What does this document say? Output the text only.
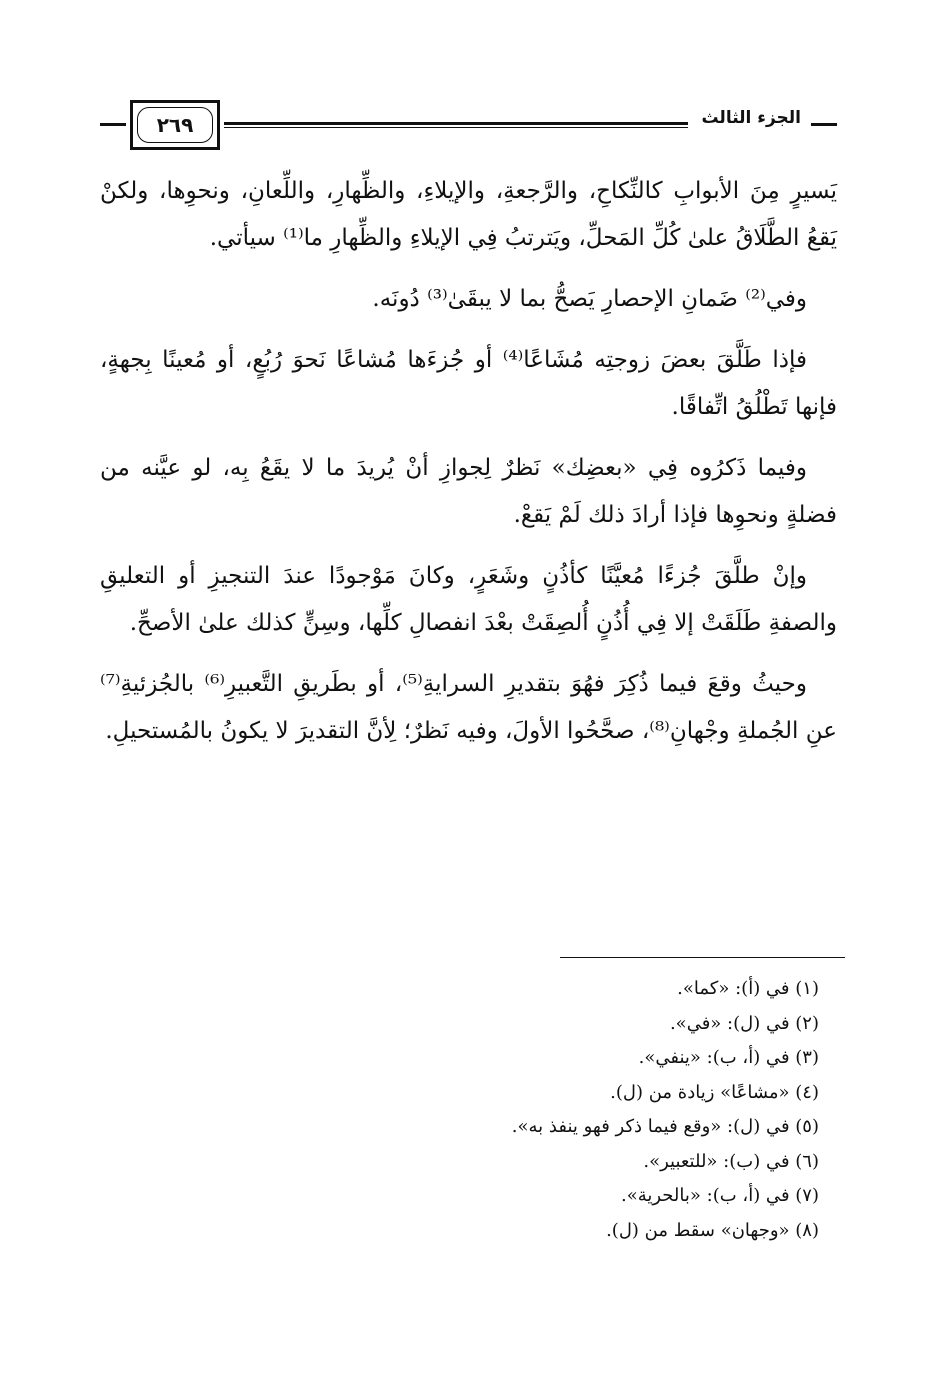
٢٦٩	الجزء الثالث

يَسيرٍ مِنَ الأبوابِ كالنِّكاحِ، والرَّجعةِ، والإيلاءِ، والظِّهارِ، واللِّعانِ، ونحوِها، ولكنْ يَقعُ الطَّلَاقُ علىٰ كُلِّ المَحلِّ، ويَترتبُ فِي الإيلاءِ والظِّهارِ ما⁽¹⁾ سيأتي.

وفي⁽²⁾ ضَمانِ الإحصارِ يَصحُّ بما لا يبقَىٰ⁽³⁾ دُونَه.

فإذا طَلَّقَ بعضَ زوجتِه مُشَاعًا⁽⁴⁾ أو جُزءَها مُشاعًا نَحوَ رُبُعٍ، أو مُعينًا بِجهةٍ، فإنها تَطْلُقُ اتِّفاقًا.

وفيما ذَكرُوه فِي «بعضِك» نَظرٌ لِجوازِ أنْ يُريدَ ما لا يقَعُ بِه، لو عيَّنه من فضلةٍ ونحوِها فإذا أرادَ ذلك لَمْ يَقعْ.

وإنْ طلَّقَ جُزءًا مُعيَّنًا كأذُنٍ وشَعَرٍ، وكانَ مَوْجودًا عندَ التنجيزِ أو التعليقِ والصفةِ طَلَقَتْ إلا فِي أُذُنٍ أُلصِقَتْ بعْدَ انفصالِ كلِّها، وسِنٍّ كذلك علىٰ الأصحِّ.

وحيثُ وقعَ فيما ذُكِرَ فهُوَ بتقديرِ السرايةِ⁽⁵⁾، أو بطَريقِ التَّعبيرِ⁽⁶⁾ بالجُزئيةِ⁽⁷⁾ عنِ الجُملةِ وجْهانِ⁽⁸⁾، صحَّحُوا الأولَ، وفيه نَظرٌ؛ لِأنَّ التقديرَ لا يكونُ بالمُستحيلِ.

(١) في (أ): «كما».
(٢) في (ل): «في».
(٣) في (أ، ب): «ينفي».
(٤) «مشاعًا» زيادة من (ل).
(٥) في (ل): «وقع فيما ذكر فهو ينفذ به».
(٦) في (ب): «للتعبير».
(٧) في (أ، ب): «بالحرية».
(٨) «وجهان» سقط من (ل).
